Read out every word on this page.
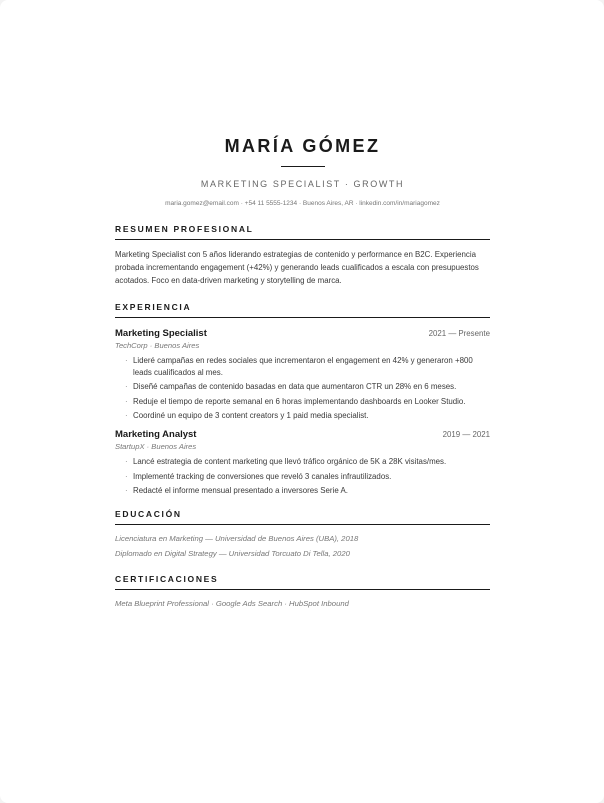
MARÍA GÓMEZ
MARKETING SPECIALIST · GROWTH
maria.gomez@email.com · +54 11 5555-1234 · Buenos Aires, AR · linkedin.com/in/mariagomez
RESUMEN PROFESIONAL
Marketing Specialist con 5 años liderando estrategias de contenido y performance en B2C. Experiencia probada incrementando engagement (+42%) y generando leads cualificados a escala con presupuestos acotados. Foco en data-driven marketing y storytelling de marca.
EXPERIENCIA
Marketing Specialist	2021 — Presente
TechCorp · Buenos Aires
· Lideré campañas en redes sociales que incrementaron el engagement en 42% y generaron +800 leads cualificados al mes.
· Diseñé campañas de contenido basadas en data que aumentaron CTR un 28% en 6 meses.
· Reduje el tiempo de reporte semanal en 6 horas implementando dashboards en Looker Studio.
· Coordiné un equipo de 3 content creators y 1 paid media specialist.
Marketing Analyst	2019 — 2021
StartupX · Buenos Aires
· Lancé estrategia de content marketing que llevó tráfico orgánico de 5K a 28K visitas/mes.
· Implementé tracking de conversiones que reveló 3 canales infrautilizados.
· Redacté el informe mensual presentado a inversores Serie A.
EDUCACIÓN
Licenciatura en Marketing — Universidad de Buenos Aires (UBA), 2018
Diplomado en Digital Strategy — Universidad Torcuato Di Tella, 2020
CERTIFICACIONES
Meta Blueprint Professional · Google Ads Search · HubSpot Inbound
